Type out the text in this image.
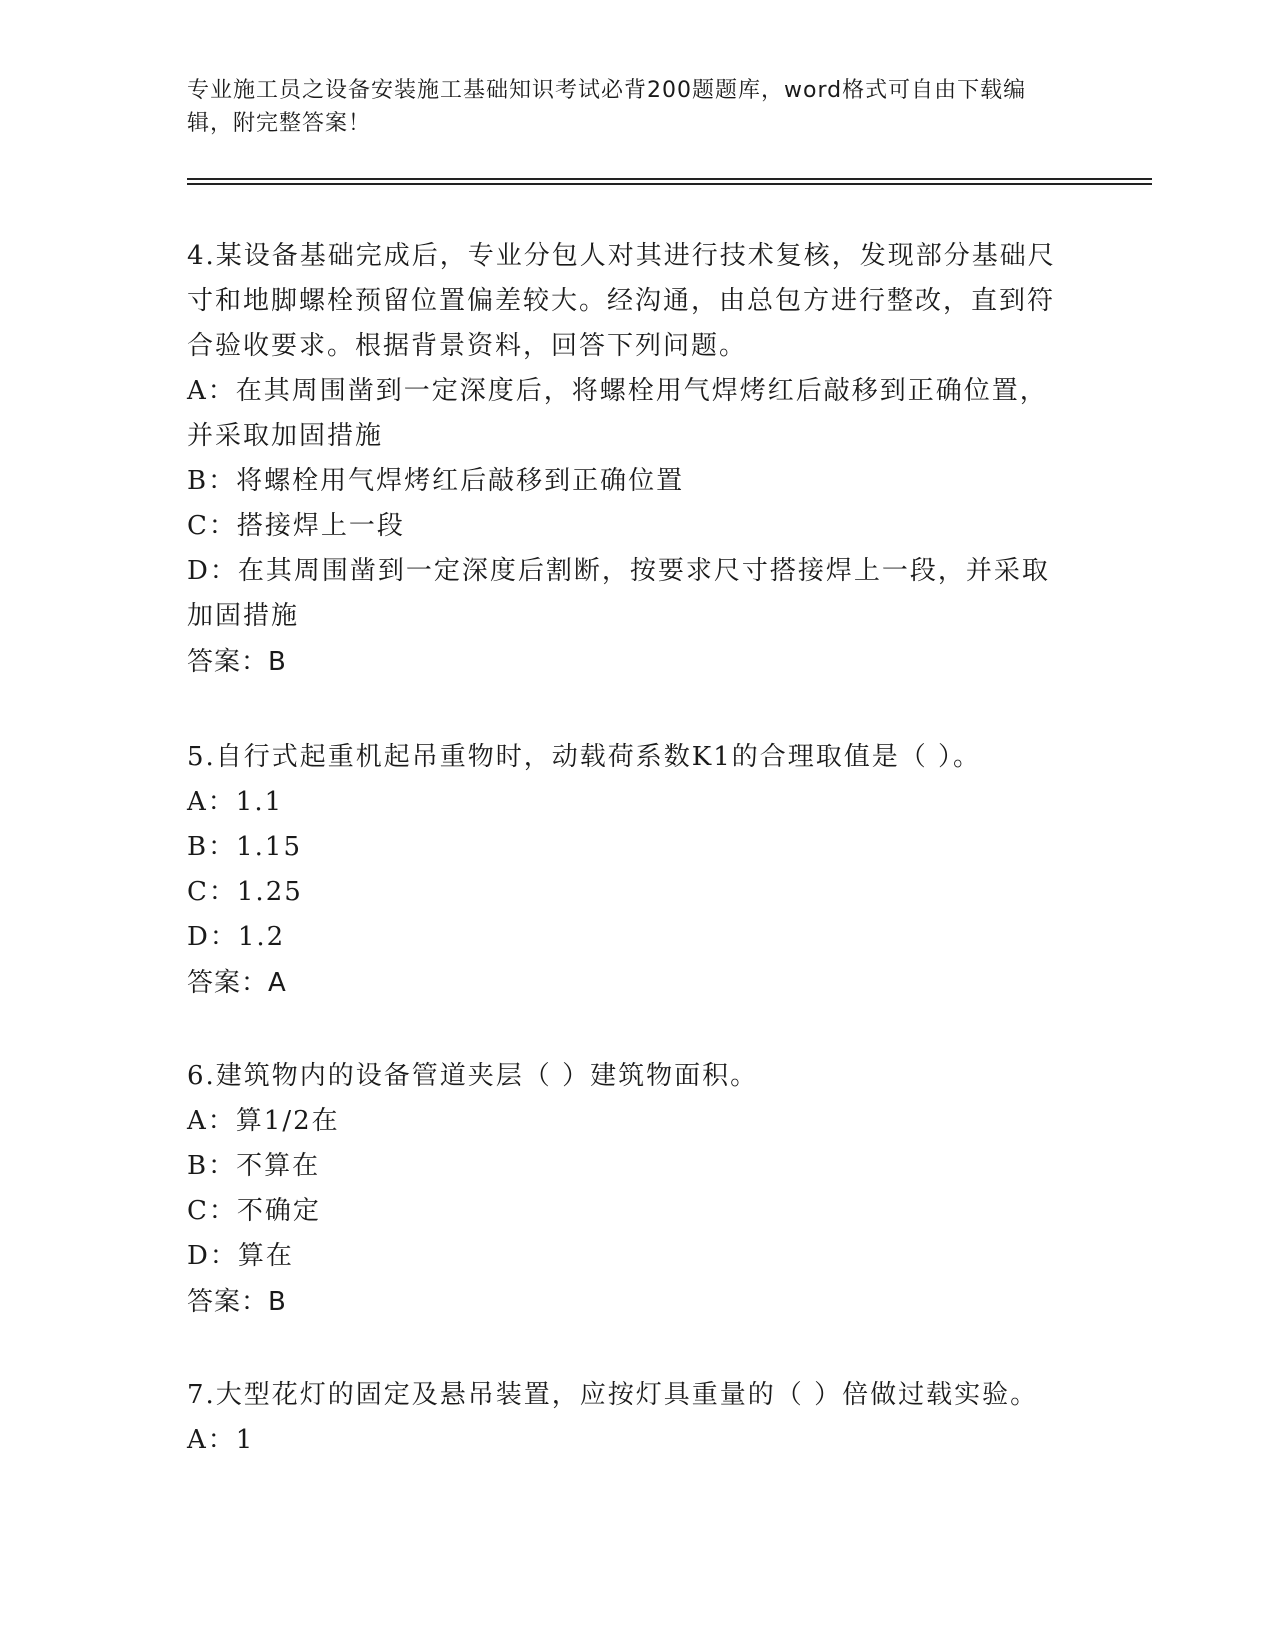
专业施工员之设备安装施工基础知识考试必背200题题库，word格式可自由下载编辑，附完整答案！
4.某设备基础完成后，专业分包人对其进行技术复核，发现部分基础尺寸和地脚螺栓预留位置偏差较大。经沟通，由总包方进行整改，直到符合验收要求。根据背景资料，回答下列问题。
A：在其周围凿到一定深度后，将螺栓用气焊烤红后敲移到正确位置，并采取加固措施
B：将螺栓用气焊烤红后敲移到正确位置
C：搭接焊上一段
D：在其周围凿到一定深度后割断，按要求尺寸搭接焊上一段，并采取加固措施
答案：B
5.自行式起重机起吊重物时，动载荷系数K1的合理取值是（ ）。
A：1.1
B：1.15
C：1.25
D：1.2
答案：A
6.建筑物内的设备管道夹层（ ）建筑物面积。
A：算1/2在
B：不算在
C：不确定
D：算在
答案：B
7.大型花灯的固定及悬吊装置，应按灯具重量的（ ）倍做过载实验。
A：1
